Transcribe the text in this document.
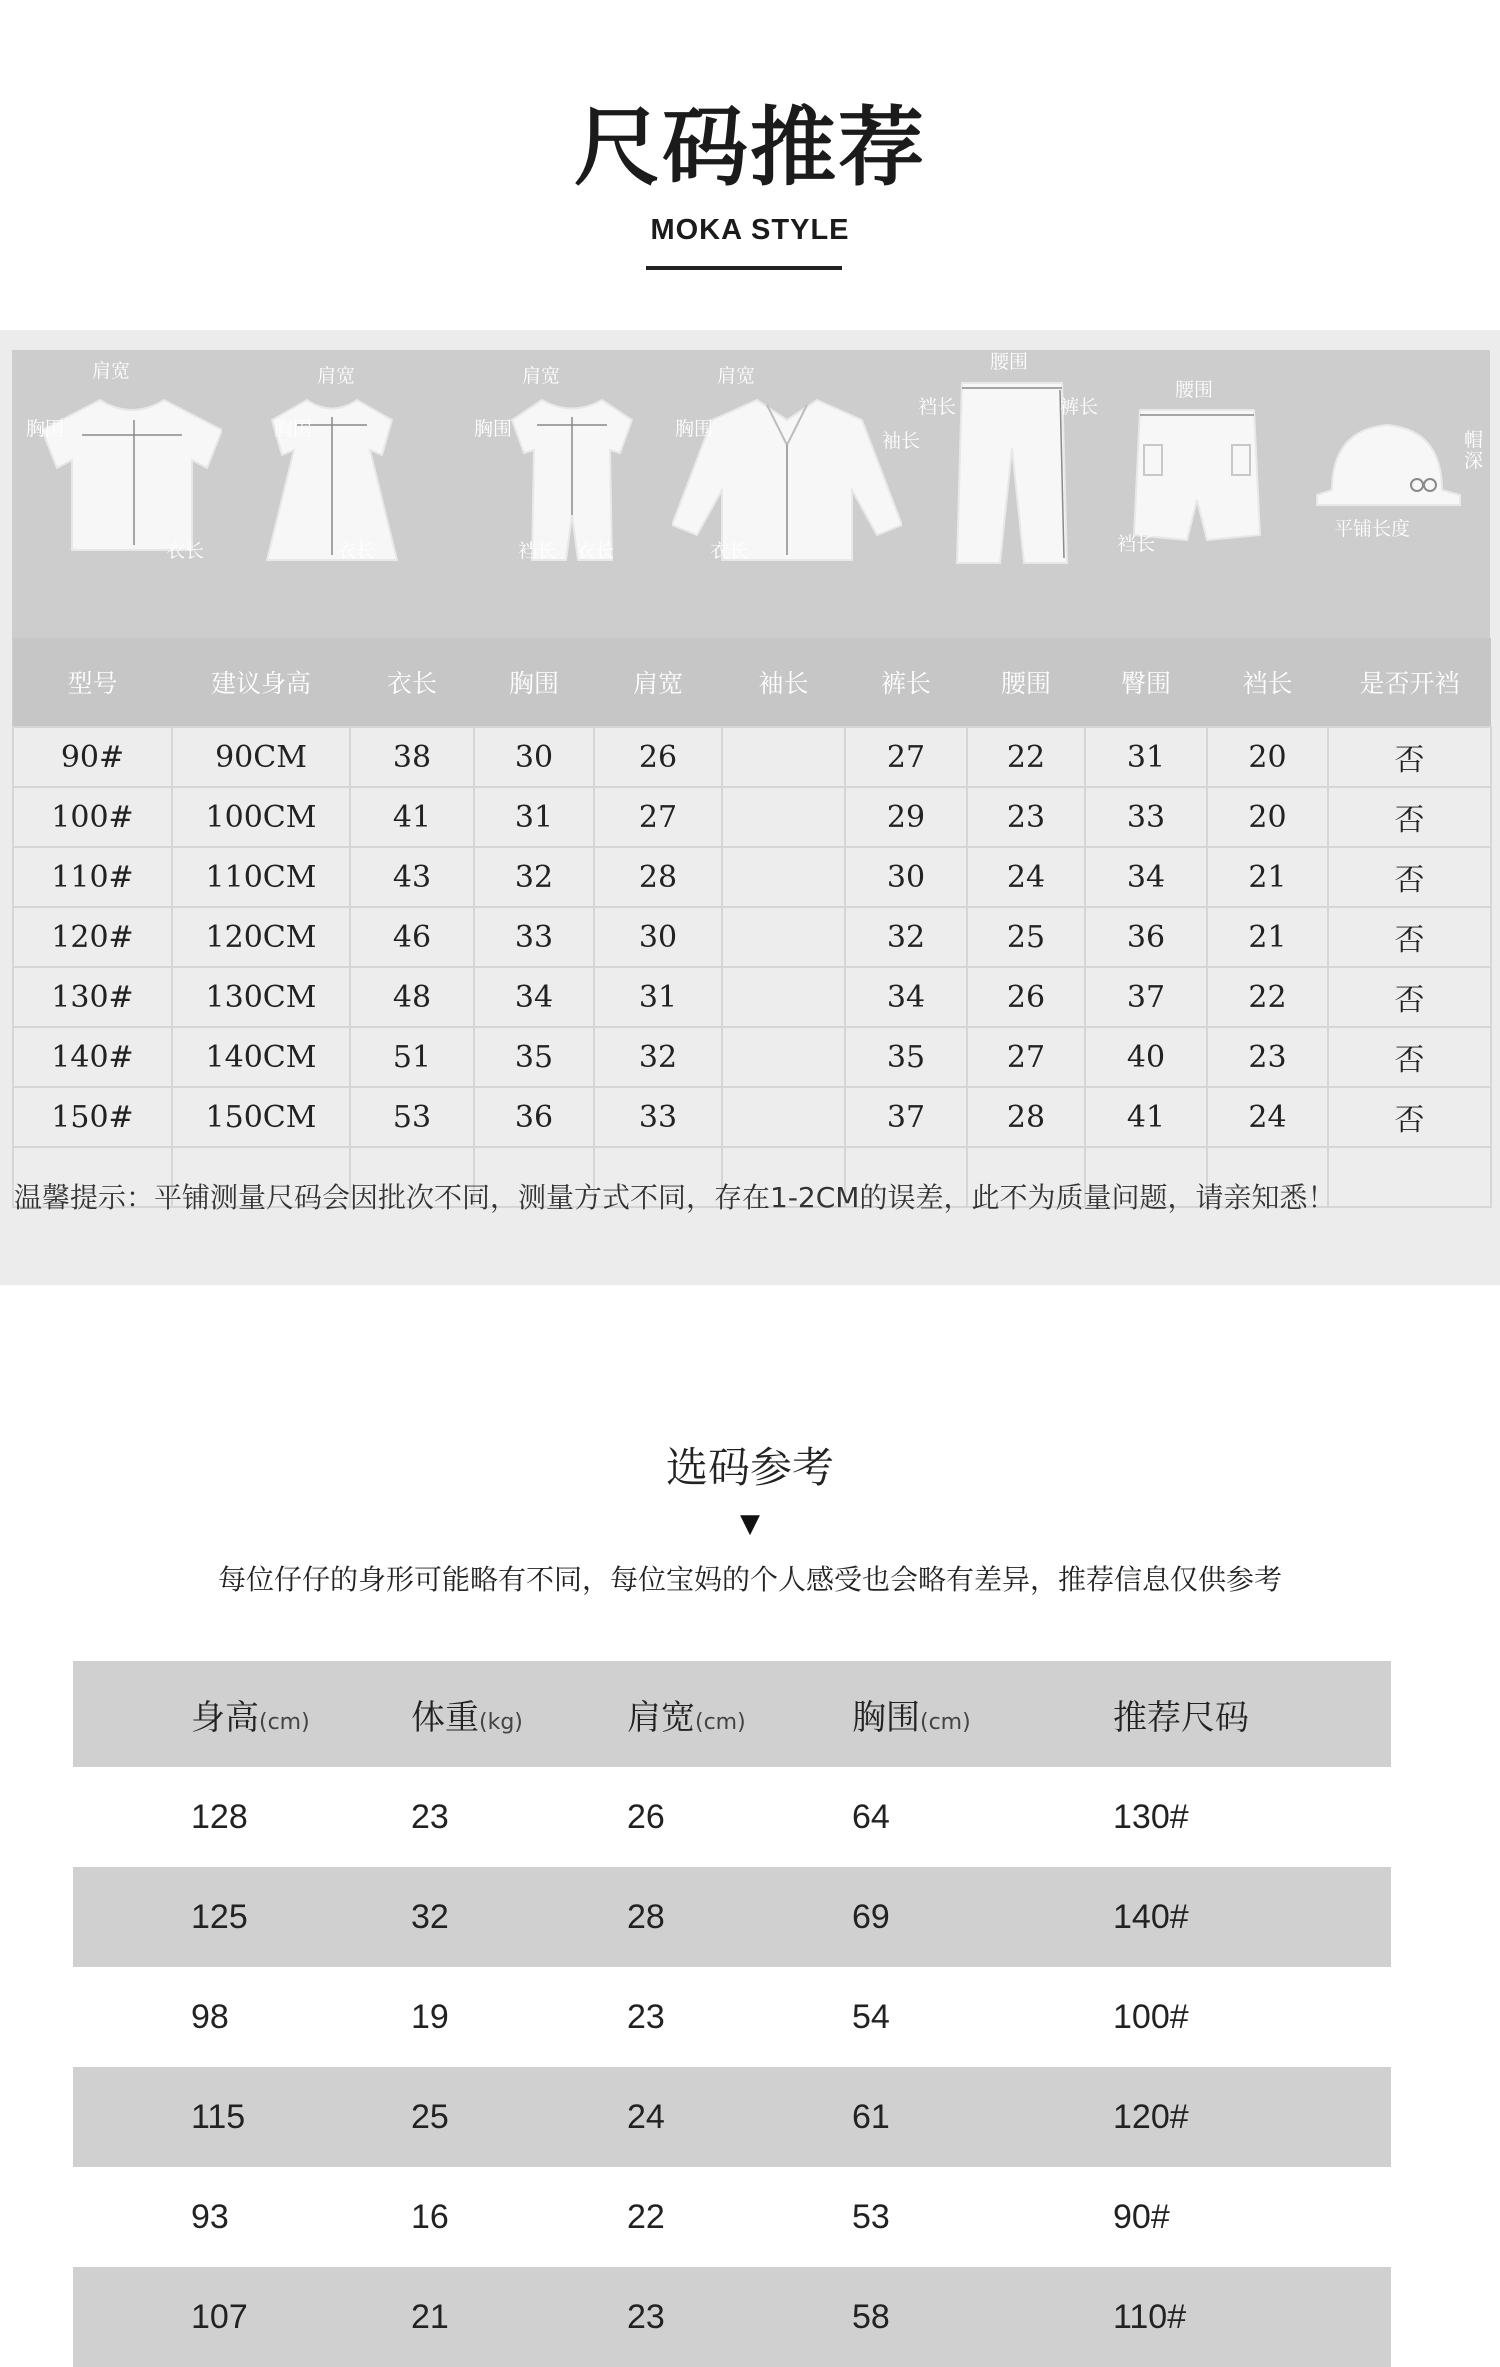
尺码推荐
MOKA STYLE
肩宽
胸围
衣长
肩宽
胸围
衣长
肩宽
胸围
裆长 衣长
肩宽
胸围
衣长
袖长
腰围
裆长	裤长
腰围
裆长
帽深
平铺长度
型号	建议身高	衣长	胸围	肩宽	袖长	裤长	腰围	臀围	裆长	是否开裆
90#	90CM	38	30	26		27	22	31	20	否
100#	100CM	41	31	27		29	23	33	20	否
110#	110CM	43	32	28		30	24	34	21	否
120#	120CM	46	33	30		32	25	36	21	否
130#	130CM	48	34	31		34	26	37	22	否
140#	140CM	51	35	32		35	27	40	23	否
150#	150CM	53	36	33		37	28	41	24	否

温馨提示：平铺测量尺码会因批次不同，测量方式不同，存在1-2CM的误差，此不为质量问题，请亲知悉！
选码参考
▼
每位仔仔的身形可能略有不同，每位宝妈的个人感受也会略有差异，推荐信息仅供参考
身高(cm)	体重(kg)	肩宽(cm)	胸围(cm)	推荐尺码
128	23	26	64	130#
125	32	28	69	140#
98	19	23	54	100#
115	25	24	61	120#
93	16	22	53	90#
107	21	23	58	110#
